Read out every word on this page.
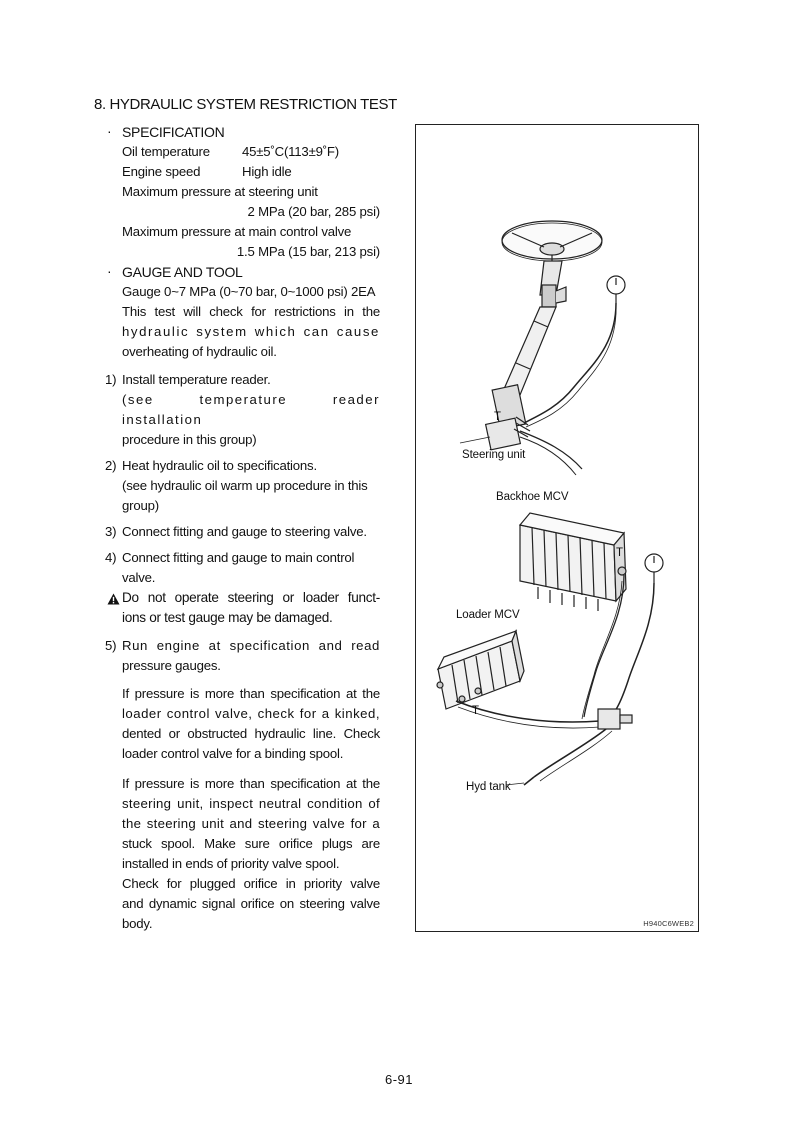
8. HYDRAULIC SYSTEM RESTRICTION TEST
· SPECIFICATION
Oil temperature	45±5˚C(113±9˚F)
Engine speed	High idle
Maximum pressure at steering unit
2 MPa (20 bar, 285 psi)
Maximum pressure at main control valve
1.5 MPa (15 bar, 213 psi)
· GAUGE AND TOOL
Gauge 0~7 MPa (0~70 bar, 0~1000 psi) 2EA
This test will check for restrictions in the
hydraulic system which can cause
overheating of hydraulic oil.
1) Install temperature reader.
(see temperature reader installation
procedure in this group)
2) Heat hydraulic oil to specifications.
(see hydraulic oil warm up procedure in this
group)
3) Connect fitting and gauge to steering valve.
4) Connect fitting and gauge to main control
valve.
Do not operate steering or loader funct-
ions or test gauge may be damaged.
5) Run engine at specification and read
pressure gauges.
If pressure is more than specification at the
loader control valve, check for a kinked,
dented or obstructed hydraulic line. Check
loader control valve for a binding spool.
If pressure is more than specification at the
steering unit, inspect neutral condition of
the steering unit and steering valve for a
stuck spool. Make sure orifice plugs are
installed in ends of priority valve spool.
Check for plugged orifice in priority valve
and dynamic signal orifice on steering valve
body.
T
Steering unit
Backhoe MCV
T
Loader MCV
T
Hyd tank
H940C6WEB2
6-91
